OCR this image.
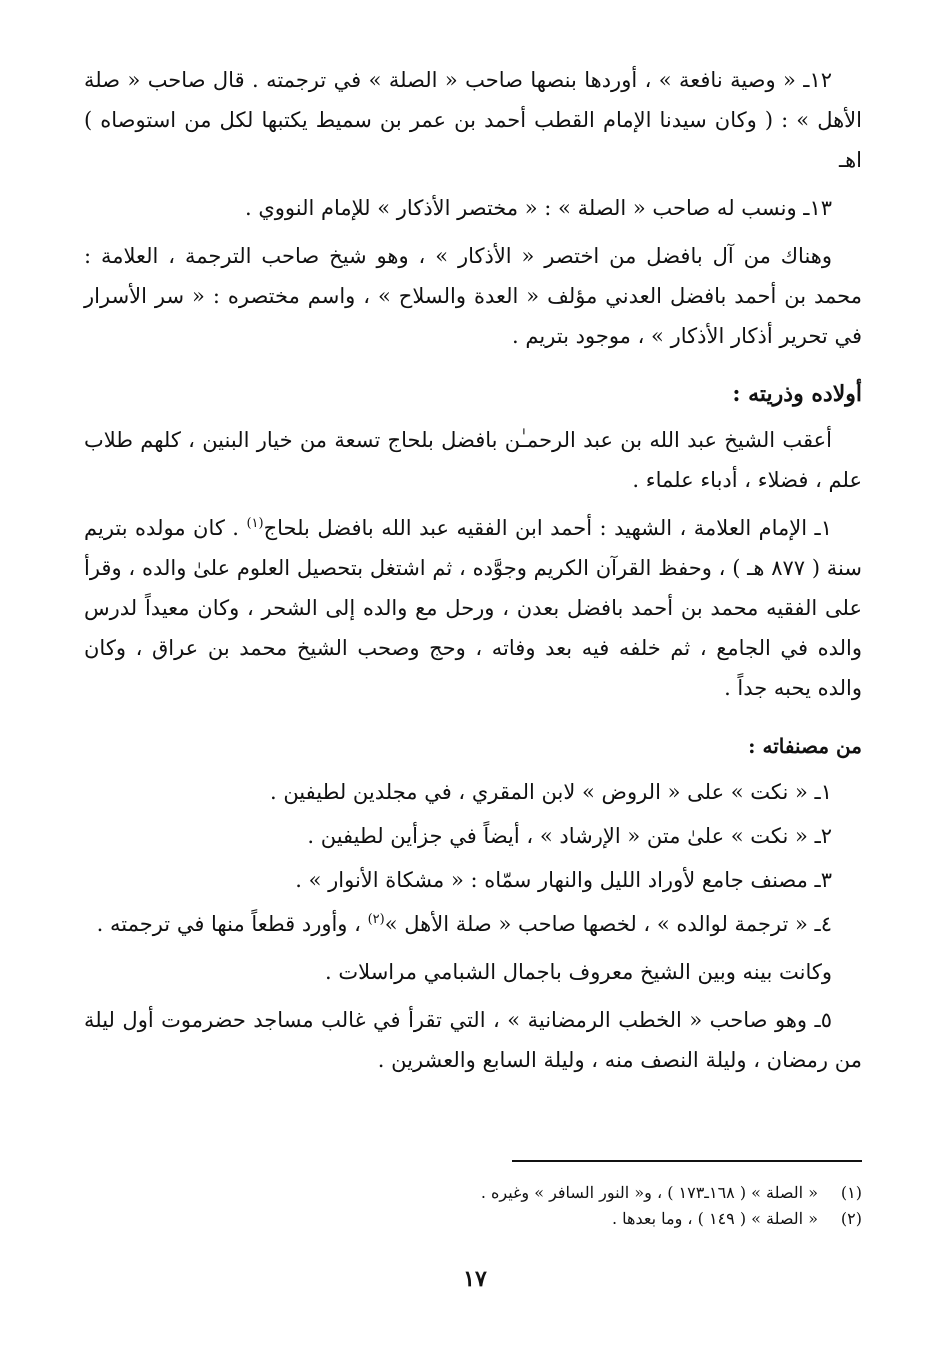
١٢ـ « وصية نافعة » ، أوردها بنصها صاحب « الصلة » في ترجمته . قال صاحب « صلة الأهل » : ( وكان سيدنا الإمام القطب أحمد بن عمر بن سميط يكتبها لكل من استوصاه ) اهـ

١٣ـ ونسب له صاحب « الصلة » : « مختصر الأذكار » للإمام النووي .

وهناك من آل بافضل من اختصر « الأذكار » ، وهو شيخ صاحب الترجمة ، العلامة : محمد بن أحمد بافضل العدني مؤلف « العدة والسلاح » ، واسم مختصره : « سر الأسرار في تحرير أذكار الأذكار » ، موجود بتريم .

أولاده وذريته :

أعقب الشيخ عبد الله بن عبد الرحمـٰن بافضل بلحاج تسعة من خيار البنين ، كلهم طلاب علم ، فضلاء ، أدباء علماء .

١ـ الإمام العلامة ، الشهيد : أحمد ابن الفقيه عبد الله بافضل بلحاج$^{(١)}$ . كان مولده بتريم سنة ( ٨٧٧ هـ ) ، وحفظ القرآن الكريم وجوَّده ، ثم اشتغل بتحصيل العلوم علىٰ والده ، وقرأ على الفقيه محمد بن أحمد بافضل بعدن ، ورحل مع والده إلى الشحر ، وكان معيداً لدرس والده في الجامع ، ثم خلفه فيه بعد وفاته ، وحج وصحب الشيخ محمد بن عراق ، وكان والده يحبه جداً .

من مصنفاته :

١ـ « نكت » على « الروض » لابن المقري ، في مجلدين لطيفين .

٢ـ « نكت » علىٰ متن « الإرشاد » ، أيضاً في جزأين لطيفين .

٣ـ مصنف جامع لأوراد الليل والنهار سمّاه : « مشكاة الأنوار » .

٤ـ « ترجمة لوالده » ، لخصها صاحب « صلة الأهل »$^{(٢)}$ ، وأورد قطعاً منها في ترجمته .

وكانت بينه وبين الشيخ معروف باجمال الشبامي مراسلات .

٥ـ وهو صاحب « الخطب الرمضانية » ، التي تقرأ في غالب مساجد حضرموت أول ليلة من رمضان ، وليلة النصف منه ، وليلة السابع والعشرين .

(١)« الصلة » ( ١٦٨ـ١٧٣ ) ، و« النور السافر » وغيره .
(٢)« الصلة » ( ١٤٩ ) ، وما بعدها .
١٧
